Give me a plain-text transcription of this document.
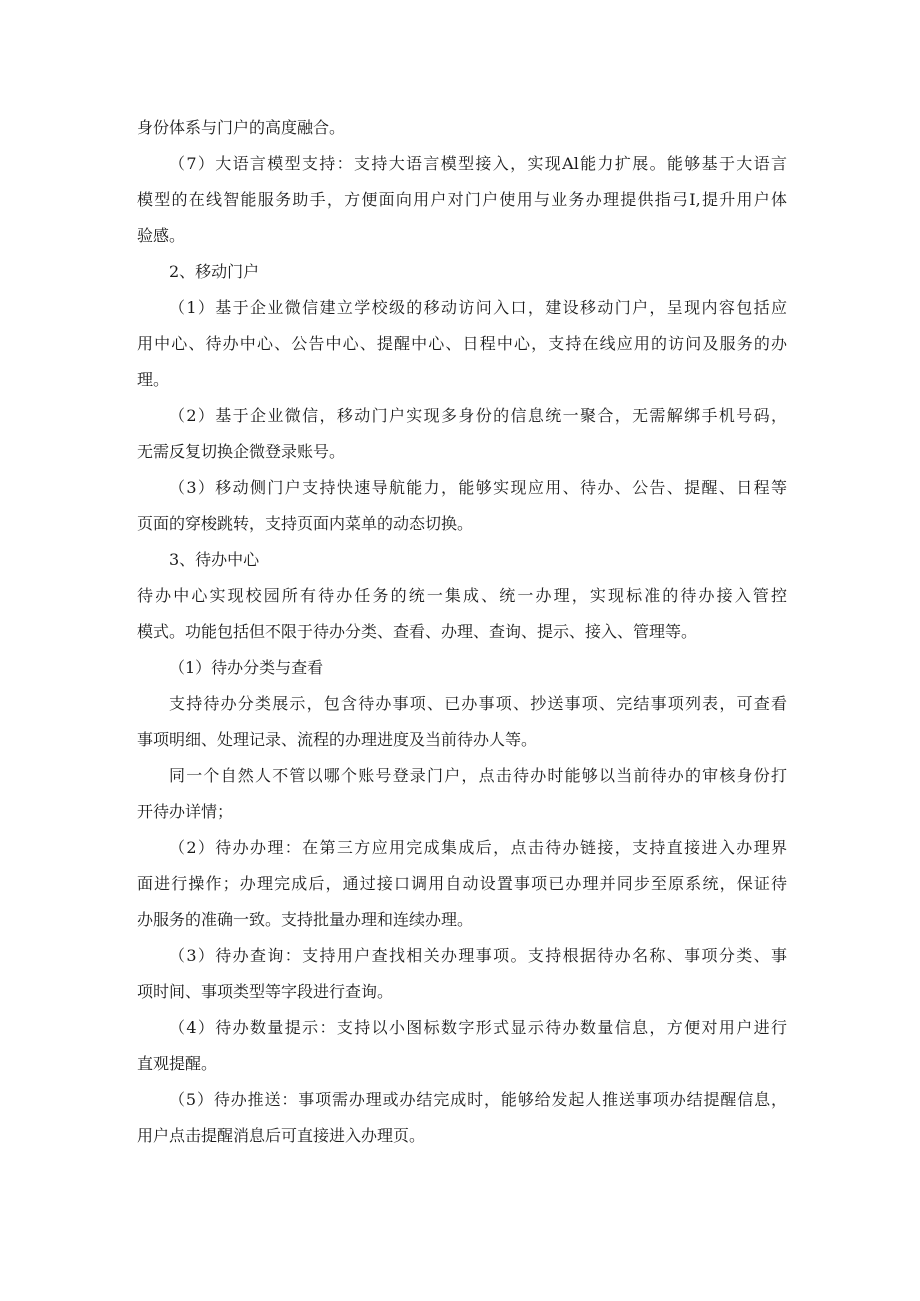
身份体系与门户的高度融合。
（7）大语言模型支持：支持大语言模型接入，实现Al能力扩展。能够基于大语言
模型的在线智能服务助手，方便面向用户对门户使用与业务办理提供指弓I,提升用户体
验感。
2、移动门户
（1）基于企业微信建立学校级的移动访问入口，建设移动门户，呈现内容包括应
用中心、待办中心、公告中心、提醒中心、日程中心，支持在线应用的访问及服务的办
理。
（2）基于企业微信，移动门户实现多身份的信息统一聚合，无需解绑手机号码，
无需反复切换企微登录账号。
（3）移动侧门户支持快速导航能力，能够实现应用、待办、公告、提醒、日程等
页面的穿梭跳转，支持页面内菜单的动态切换。
3、待办中心
待办中心实现校园所有待办任务的统一集成、统一办理，实现标准的待办接入管控
模式。功能包括但不限于待办分类、查看、办理、查询、提示、接入、管理等。
（1）待办分类与查看
支持待办分类展示，包含待办事项、已办事项、抄送事项、完结事项列表，可查看
事项明细、处理记录、流程的办理进度及当前待办人等。
同一个自然人不管以哪个账号登录门户，点击待办时能够以当前待办的审核身份打
开待办详情；
（2）待办办理：在第三方应用完成集成后，点击待办链接，支持直接进入办理界
面进行操作；办理完成后，通过接口调用自动设置事项已办理并同步至原系统，保证待
办服务的准确一致。支持批量办理和连续办理。
（3）待办查询：支持用户查找相关办理事项。支持根据待办名称、事项分类、事
项时间、事项类型等字段进行查询。
（4）待办数量提示：支持以小图标数字形式显示待办数量信息，方便对用户进行
直观提醒。
（5）待办推送：事项需办理或办结完成时，能够给发起人推送事项办结提醒信息，
用户点击提醒消息后可直接进入办理页。
